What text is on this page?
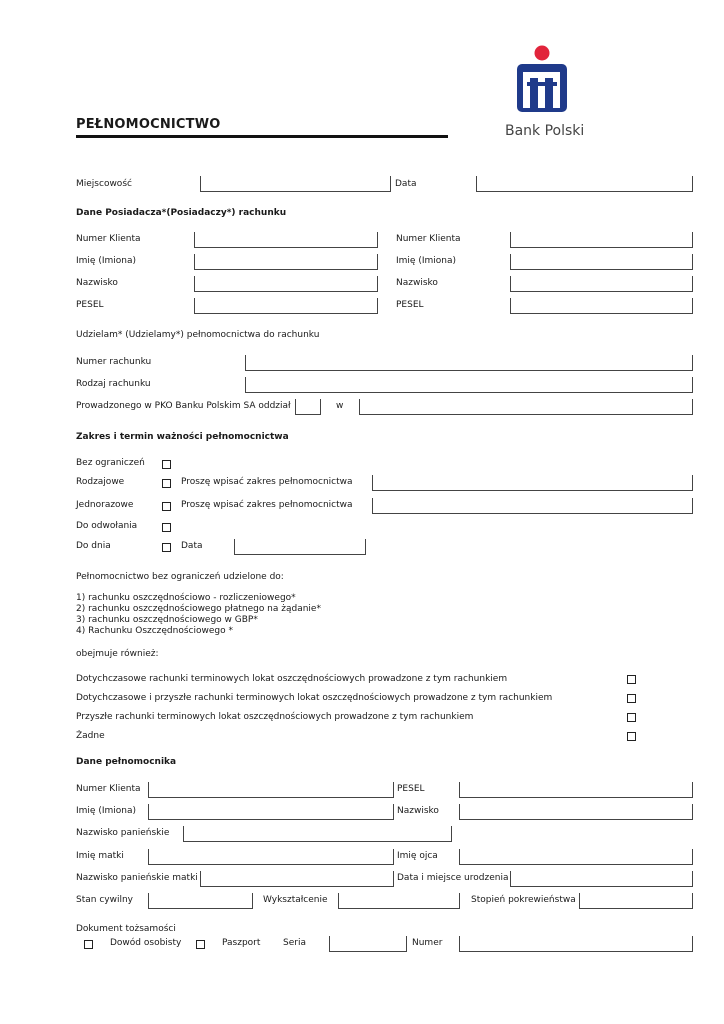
Bank Polski
PEŁNOMOCNICTWO
Miejscowość	Data
Dane Posiadacza*(Posiadaczy*) rachunku
Numer Klienta	Numer Klienta
Imię (Imiona)	Imię (Imiona)
Nazwisko	Nazwisko
PESEL	PESEL
Udzielam* (Udzielamy*) pełnomocnictwa do rachunku
Numer rachunku
Rodzaj rachunku
Prowadzonego w PKO Banku Polskim SA oddział	w
Zakres i termin ważności pełnomocnictwa
Bez ograniczeń
Rodzajowe	Proszę wpisać zakres pełnomocnictwa
Jednorazowe	Proszę wpisać zakres pełnomocnictwa
Do odwołania
Do dnia	Data
Pełnomocnictwo bez ograniczeń udzielone do:
1) rachunku oszczędnościowo - rozliczeniowego*
2) rachunku oszczędnościowego płatnego na żądanie*
3) rachunku oszczędnościowego w GBP*
4) Rachunku Oszczędnościowego *
obejmuje również:
Dotychczasowe rachunki terminowych lokat oszczędnościowych prowadzone z tym rachunkiem
Dotychczasowe i przyszłe rachunki terminowych lokat oszczędnościowych prowadzone z tym rachunkiem
Przyszłe rachunki terminowych lokat oszczędnościowych prowadzone z tym rachunkiem
Żadne
Dane pełnomocnika
Numer Klienta	PESEL
Imię (Imiona)	Nazwisko
Nazwisko panieńskie
Imię matki	Imię ojca
Nazwisko panieńskie matki	Data i miejsce urodzenia
Stan cywilny	Wykształcenie	Stopień pokrewieństwa
Dokument tożsamości
Dowód osobisty	Paszport	Seria	Numer
